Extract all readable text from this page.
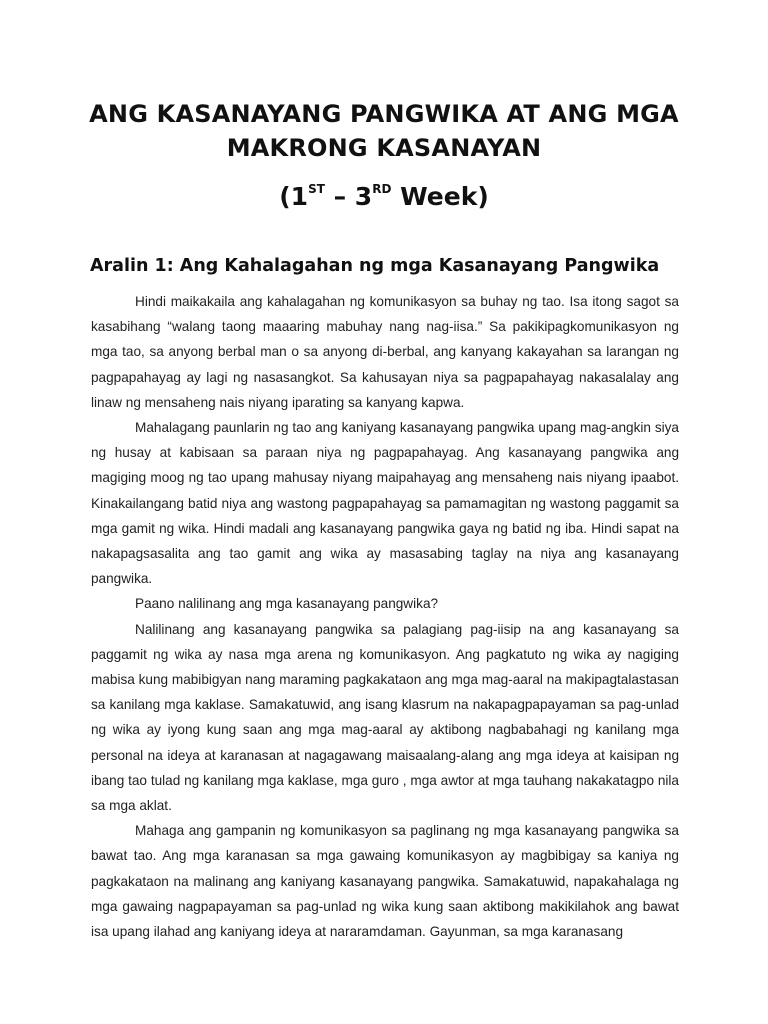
ANG KASANAYANG PANGWIKA AT ANG MGA
MAKRONG KASANAYAN
(1ST – 3RD Week)
Aralin 1: Ang Kahalagahan ng mga Kasanayang Pangwika

Hindi maikakaila ang kahalagahan ng komunikasyon sa buhay ng tao. Isa itong sagot sa kasabihang “walang taong maaaring mabuhay nang nag-iisa.” Sa pakikipagkomunikasyon ng mga tao, sa anyong berbal man o sa anyong di-berbal, ang kanyang kakayahan sa larangan ng pagpapahayag ay lagi ng nasasangkot. Sa kahusayan niya sa pagpapahayag nakasalalay ang linaw ng mensaheng nais niyang iparating sa kanyang kapwa.

Mahalagang paunlarin ng tao ang kaniyang kasanayang pangwika upang mag-angkin siya ng husay at kabisaan sa paraan niya ng pagpapahayag. Ang kasanayang pangwika ang magiging moog ng tao upang mahusay niyang maipahayag ang mensaheng nais niyang ipaabot. Kinakailangang batid niya ang wastong pagpapahayag sa pamamagitan ng wastong paggamit sa mga gamit ng wika. Hindi madali ang kasanayang pangwika gaya ng batid ng iba. Hindi sapat na nakapagsasalita ang tao gamit ang wika ay masasabing taglay na niya ang kasanayang pangwika.

Paano nalilinang ang mga kasanayang pangwika?

Nalilinang ang kasanayang pangwika sa palagiang pag-iisip na ang kasanayang sa paggamit ng wika ay nasa mga arena ng komunikasyon. Ang pagkatuto ng wika ay nagiging mabisa kung mabibigyan nang maraming pagkakataon ang mga mag-aaral na makipagtalastasan sa kanilang mga kaklase. Samakatuwid, ang isang klasrum na nakapagpapayaman sa pag-unlad ng wika ay iyong kung saan ang mga mag-aaral ay aktibong nagbabahagi ng kanilang mga personal na ideya at karanasan at nagagawang maisaalang-alang ang mga ideya at kaisipan ng ibang tao tulad ng kanilang mga kaklase, mga guro , mga awtor at mga tauhang nakakatagpo nila sa mga aklat.

Mahaga ang gampanin ng komunikasyon sa paglinang ng mga kasanayang pangwika sa bawat tao. Ang mga karanasan sa mga gawaing komunikasyon ay magbibigay sa kaniya ng pagkakataon na malinang ang kaniyang kasanayang pangwika. Samakatuwid, napakahalaga ng mga gawaing nagpapayaman sa pag-unlad ng wika kung saan aktibong makikilahok ang bawat isa upang ilahad ang kaniyang ideya at nararamdaman. Gayunman, sa mga karanasang
